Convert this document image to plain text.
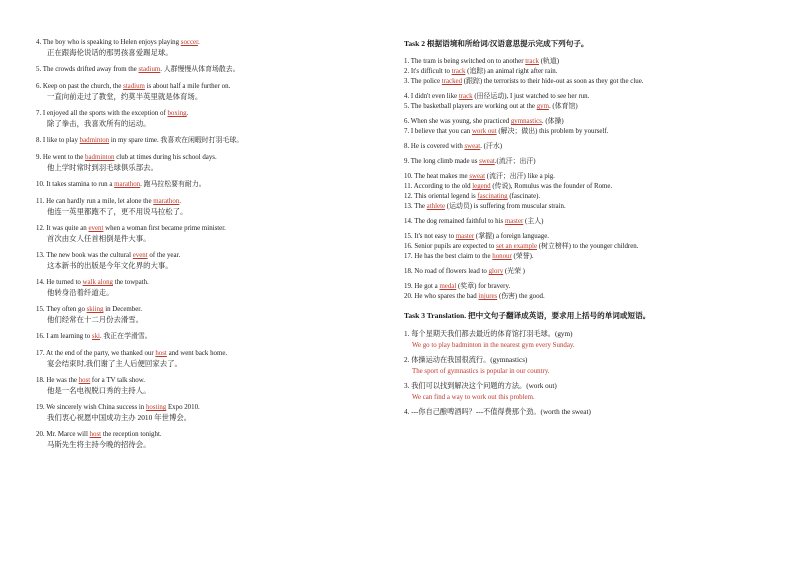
4. The boy who is speaking to Helen enjoys playing soccer.
正在跟海伦说话的那男孩喜爱踢足球。
5. The crowds drifted away from the stadium. 人群慢慢从体育场散去。
6. Keep on past the church, the stadium is about half a mile further on.
一直向前走过了教堂，约莫半英里就是体育场。
7. I enjoyed all the sports with the exception of boxing.
除了拳击，我喜欢所有的运动。
8. I like to play badminton in my spare time. 我喜欢在闲暇时打羽毛球。
9. He went to the badminton club at times during his school days.
他上学时常时到羽毛球俱乐部去。
10. It takes stamina to run a marathon. 跑马拉松要有耐力。
11. He can hardly run a mile, let alone the marathon.
他连一英里都跑不了，更不用说马拉松了。
12. It was quite an event when a woman first became prime minister.
首次由女人任首相倒是件大事。
13. The new book was the cultural event of the year.
这本新书的出版是今年文化界的大事。
14. He turned to walk along the towpath.
他转身沿着纤道走。
15. They often go skiing in December.
他们经常在十二月份去滑雪。
16. I am learning to ski. 我正在学滑雪。
17. At the end of the party, we thanked our host and went back home.
宴会结束时,我们谢了主人后便回家去了。
18. He was the host for a TV talk show.
他是一名电视脱口秀的主持人。
19. We sincerely wish China success in hosting Expo 2010.
我们衷心祝愿中国成功主办 2010 年世博会。
20. Mr. Marce will host the reception tonight.
马斯先生将主持今晚的招待会。
Task 2 根据语境和所给词/汉语意思提示完成下列句子。
1. The tram is being switched on to another track (轨道)
2. It's difficult to track (追踪) an animal right after rain.
3. The police tracked (跟踪) the terrorists to their hide-out as soon as they got the clue.
4. I didn't even like track (田径运动), I just watched to see her run.
5. The basketball players are working out at the gym. (体育馆)
6. When she was young, she practiced gymnastics. (体操)
7. I believe that you can work out (解决；做出) this problem by yourself.
8. He is covered with sweat. (汗水)
9. The long climb made us sweat.(流汗；出汗)
10. The heat makes me sweat (流汗；出汗) like a pig.
11. According to the old legend (传说), Romulus was the founder of Rome.
12. This oriental legend is fascinating (fascinate).
13. The athlete (运动员) is suffering from muscular strain.
14. The dog remained faithful to his master (主人)
15. It's not easy to master (掌握) a foreign language.
16. Senior pupils are expected to set an example (树立榜样) to the younger children.
17. He has the best claim to the honour (荣誉).
18. No road of flowers lead to glory (光荣 )
19. He got a medal (奖章) for bravery.
20. He who spares the bad injures (伤害) the good.
Task 3 Translation. 把中文句子翻译成英语，要求用上括号的单词或短语。
1. 每个星期天我们都去最近的体育馆打羽毛球。(gym)
We go to play badminton in the nearest gym every Sunday.
2. 体操运动在我国很流行。(gymnastics)
The sport of gymnastics is popular in our country.
3. 我们可以找到解决这个问题的方法。(work out)
We can find a way to work out this problem.
4. ---你自己酿啤酒吗？---不值得费那个劲。(worth the sweat)
